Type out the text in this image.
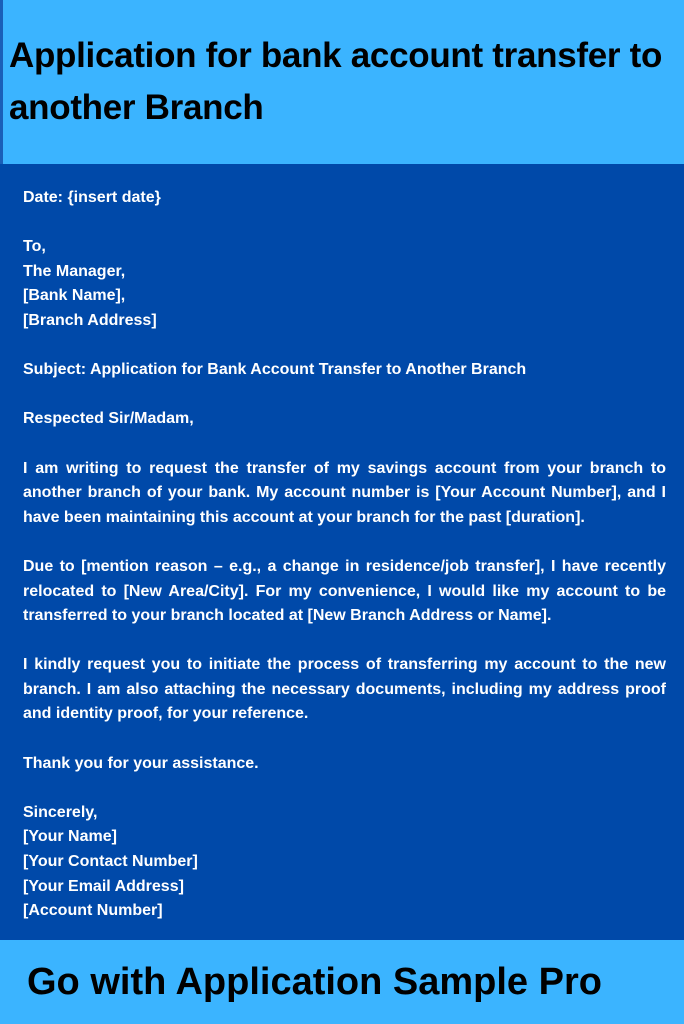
Application for bank account transfer to another Branch

Date: {insert date}

To,
The Manager,
[Bank Name],
[Branch Address]

Subject: Application for Bank Account Transfer to Another Branch

Respected Sir/Madam,

I am writing to request the transfer of my savings account from your branch to another branch of your bank. My account number is [Your Account Number], and I have been maintaining this account at your branch for the past [duration].

Due to [mention reason – e.g., a change in residence/job transfer], I have recently relocated to [New Area/City]. For my convenience, I would like my account to be transferred to your branch located at [New Branch Address or Name].

I kindly request you to initiate the process of transferring my account to the new branch. I am also attaching the necessary documents, including my address proof and identity proof, for your reference.

Thank you for your assistance.

Sincerely,
[Your Name]
[Your Contact Number]
[Your Email Address]
[Account Number]

Go with Application Sample Pro
